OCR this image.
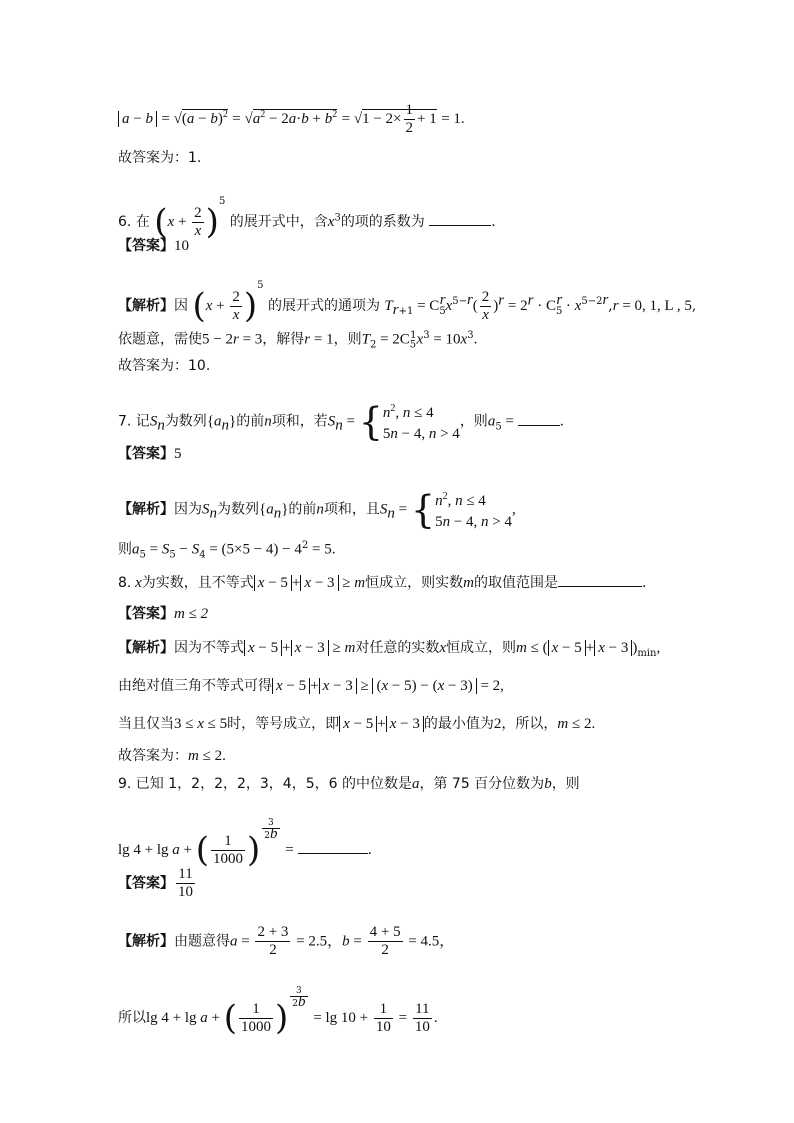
$a - b = √(a - b)^2 = √a^2 - 2a\cdot b + b^2 = √1 - 2\times \frac{1}{2} + 1 = 1$.
故答案为：1.
6. 在 $(x + \frac{2}{x} )^5$ 的展开式中，含$x^3$的项的系数为	.
【答案】10
【解析】因 $(x + \frac{2}{x} )^5$ 的展开式的通项为 $T_{r+1} = C_5^rx^{5-r}( \frac{2}{x} )^r = 2^r \cdot C_5^r \cdot x^{5-2r},r = 0$, 1, L , 5,
依题意，需使5 − 2r = 3，解得r = 1，则$T_2 = 2C_5^1x^3 = 10x^3$.
故答案为：10.
7. 记$S_n$为数列$\{a_n\}$的前n项和，若$S_n$ = { $n^2$, n ≤ 4
5n − 4, n > 4
，则$a_5$ =	.
【答案】5
【解析】因为$S_n$为数列$\{a_n\}$的前n项和，且$S_n$ = { $n^2$, n ≤ 4
5n − 4, n > 4
,
则$a_5 = S_5 - S_4 = (5\times 5 - 4) - 4^2 = 5$.
8. x为实数，且不等式 x − 5 + x − 3 ≥ m恒成立，则实数m的取值范围是	.
【答案】m ≤ 2
【解析】因为不等式 x − 5 + x − 3 ≥ m对任意的实数x恒成立，则m ≤ ( x − 5 + x − 3 )$_{min}$,
由绝对值三角不等式可得 x − 5 + x − 3 ≥ (x − 5) − (x − 3) = 2,
当且仅当3 ≤ x ≤ 5时，等号成立，即 x − 5 + x − 3 的最小值为2，所以，m ≤ 2.
故答案为：m ≤ 2.
9. 已知 1，2，2，2，3，4，5，6 的中位数是a，第 75 百分位数为b，则
lg 4 + lg a + ( $\frac{1}{1000}$ )
$^{\frac{3}{2b}}$
=	.
【答案】 $\frac{11}{10}$
【解析】由题意得$a = \frac{2 + 3}{2} = 2.5$，$b = \frac{4 + 5}{2} = 4.5$，
所以lg 4 + lg a + ( $\frac{1}{1000}$ )
$^{\frac{3}{2b}}$
= $\lg 10 + \frac{1}{10} = \frac{11}{10}$ .
